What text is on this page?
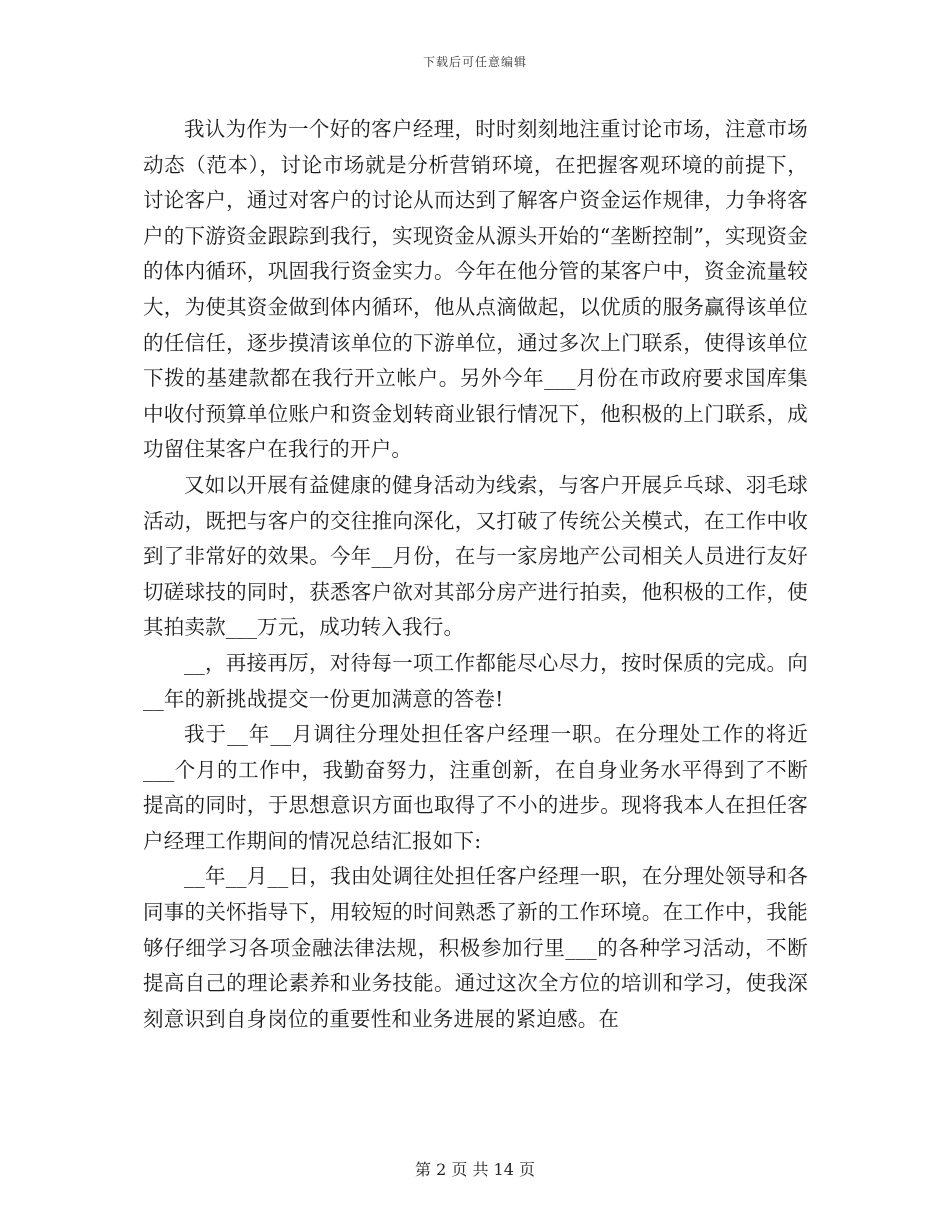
下载后可任意编辑

我认为作为一个好的客户经理，时时刻刻地注重讨论市场，注意市场动态（范本），讨论市场就是分析营销环境，在把握客观环境的前提下，讨论客户，通过对客户的讨论从而达到了解客户资金运作规律，力争将客户的下游资金跟踪到我行，实现资金从源头开始的“垄断控制”，实现资金的体内循环，巩固我行资金实力。今年在他分管的某客户中，资金流量较大，为使其资金做到体内循环，他从点滴做起，以优质的服务赢得该单位的任信任，逐步摸清该单位的下游单位，通过多次上门联系，使得该单位下拨的基建款都在我行开立帐户。另外今年___月份在市政府要求国库集中收付预算单位账户和资金划转商业银行情况下，他积极的上门联系，成功留住某客户在我行的开户。

又如以开展有益健康的健身活动为线索，与客户开展乒乓球、羽毛球活动，既把与客户的交往推向深化，又打破了传统公关模式，在工作中收到了非常好的效果。今年__月份，在与一家房地产公司相关人员进行友好切磋球技的同时，获悉客户欲对其部分房产进行拍卖，他积极的工作，使其拍卖款___万元，成功转入我行。

__，再接再厉，对待每一项工作都能尽心尽力，按时保质的完成。向__年的新挑战提交一份更加满意的答卷!

我于__年__月调往分理处担任客户经理一职。在分理处工作的将近___个月的工作中，我勤奋努力，注重创新，在自身业务水平得到了不断提高的同时，于思想意识方面也取得了不小的进步。现将我本人在担任客户经理工作期间的情况总结汇报如下:

__年__月__日，我由处调往处担任客户经理一职，在分理处领导和各同事的关怀指导下，用较短的时间熟悉了新的工作环境。在工作中，我能够仔细学习各项金融法律法规，积极参加行里___的各种学习活动，不断提高自己的理论素养和业务技能。通过这次全方位的培训和学习，使我深刻意识到自身岗位的重要性和业务进展的紧迫感。在

第 2 页 共 14 页
